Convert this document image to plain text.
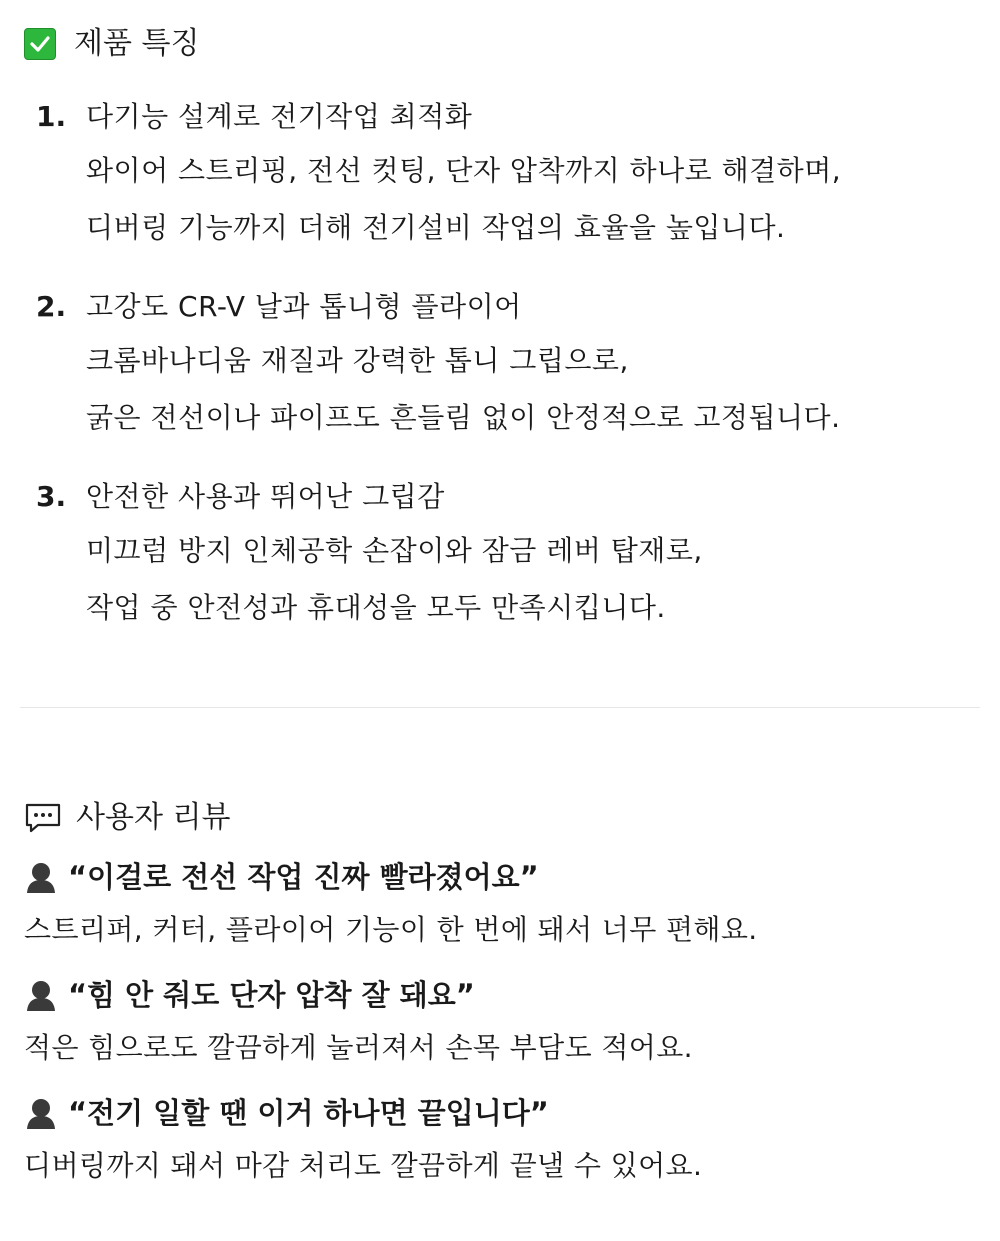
제품 특징
1. 다기능 설계로 전기작업 최적화
와이어 스트리핑, 전선 컷팅, 단자 압착까지 하나로 해결하며,
디버링 기능까지 더해 전기설비 작업의 효율을 높입니다.
2. 고강도 CR-V 날과 톱니형 플라이어
크롬바나디움 재질과 강력한 톱니 그립으로,
굵은 전선이나 파이프도 흔들림 없이 안정적으로 고정됩니다.
3. 안전한 사용과 뛰어난 그립감
미끄럼 방지 인체공학 손잡이와 잠금 레버 탑재로,
작업 중 안전성과 휴대성을 모두 만족시킵니다.
사용자 리뷰
“이걸로 전선 작업 진짜 빨라졌어요”
스트리퍼, 커터, 플라이어 기능이 한 번에 돼서 너무 편해요.
“힘 안 줘도 단자 압착 잘 돼요”
적은 힘으로도 깔끔하게 눌러져서 손목 부담도 적어요.
“전기 일할 땐 이거 하나면 끝입니다”
디버링까지 돼서 마감 처리도 깔끔하게 끝낼 수 있어요.
